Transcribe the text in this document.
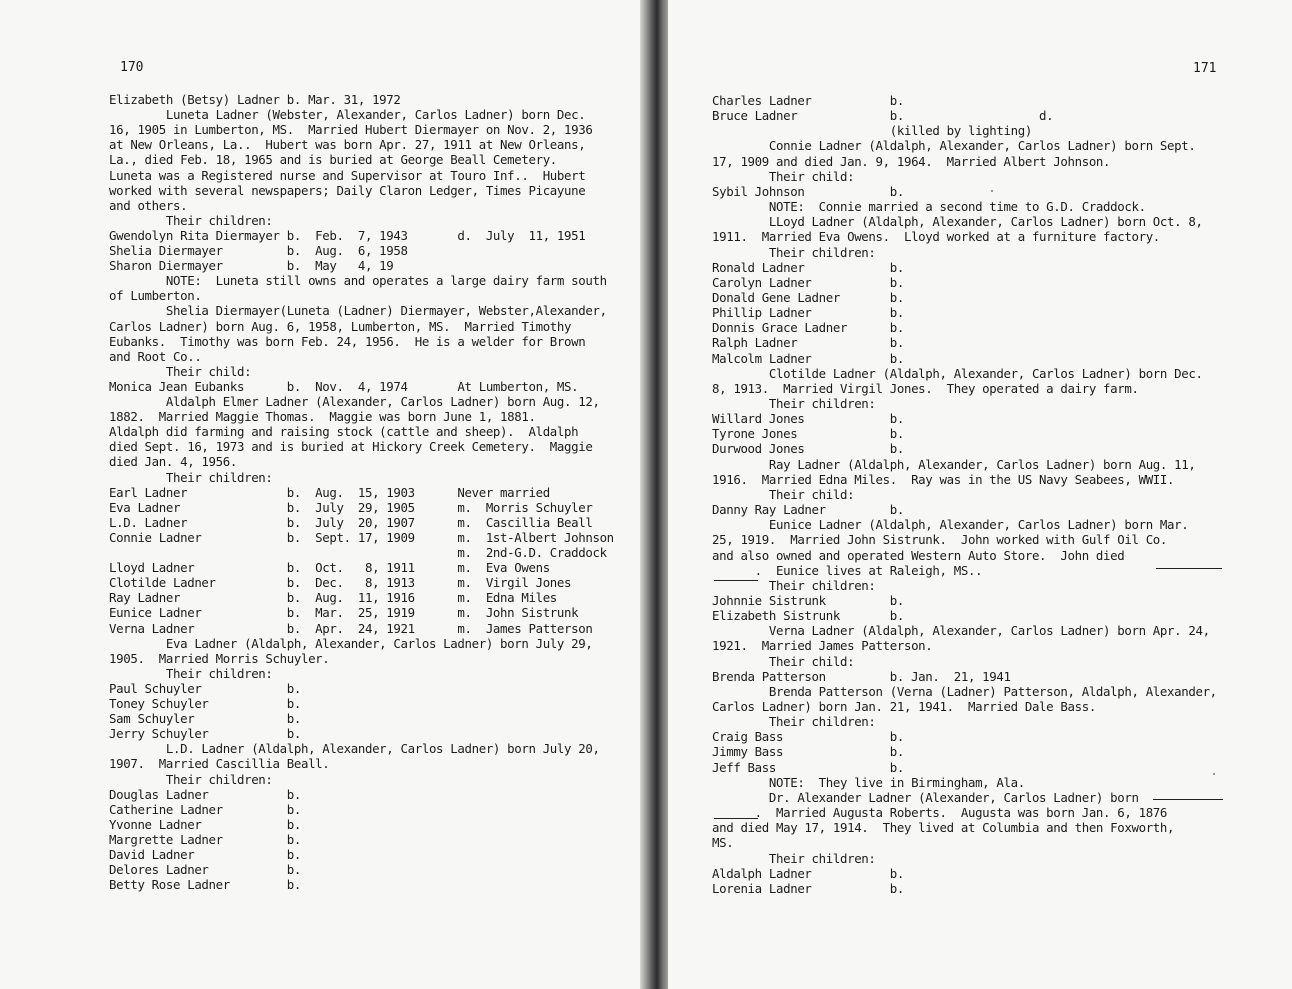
170
Elizabeth (Betsy) Ladner b. Mar. 31, 1972
Luneta Ladner (Webster, Alexander, Carlos Ladner) born Dec.
16, 1905 in Lumberton, MS.  Married Hubert Diermayer on Nov. 2, 1936
at New Orleans, La..  Hubert was born Apr. 27, 1911 at New Orleans,
La., died Feb. 18, 1965 and is buried at George Beall Cemetery.
Luneta was a Registered nurse and Supervisor at Touro Inf..  Hubert
worked with several newspapers; Daily Claron Ledger, Times Picayune
and others.
Their children:
Gwendolyn Rita Diermayer b.  Feb.  7, 1943       d.  July  11, 1951
Shelia Diermayer         b.  Aug.  6, 1958
Sharon Diermayer         b.  May   4, 19
NOTE:  Luneta still owns and operates a large dairy farm south
of Lumberton.
Shelia Diermayer(Luneta (Ladner) Diermayer, Webster,Alexander,
Carlos Ladner) born Aug. 6, 1958, Lumberton, MS.  Married Timothy
Eubanks.  Timothy was born Feb. 24, 1956.  He is a welder for Brown
and Root Co..
Their child:
Monica Jean Eubanks      b.  Nov.  4, 1974       At Lumberton, MS.
Aldalph Elmer Ladner (Alexander, Carlos Ladner) born Aug. 12,
1882.  Married Maggie Thomas.  Maggie was born June 1, 1881.
Aldalph did farming and raising stock (cattle and sheep).  Aldalph
died Sept. 16, 1973 and is buried at Hickory Creek Cemetery.  Maggie
died Jan. 4, 1956.
Their children:
Earl Ladner              b.  Aug.  15, 1903      Never married
Eva Ladner               b.  July  29, 1905      m.  Morris Schuyler
L.D. Ladner              b.  July  20, 1907      m.  Cascillia Beall
Connie Ladner            b.  Sept. 17, 1909      m.  1st-Albert Johnson
m.  2nd-G.D. Craddock
Lloyd Ladner             b.  Oct.   8, 1911      m.  Eva Owens
Clotilde Ladner          b.  Dec.   8, 1913      m.  Virgil Jones
Ray Ladner               b.  Aug.  11, 1916      m.  Edna Miles
Eunice Ladner            b.  Mar.  25, 1919      m.  John Sistrunk
Verna Ladner             b.  Apr.  24, 1921      m.  James Patterson
Eva Ladner (Aldalph, Alexander, Carlos Ladner) born July 29,
1905.  Married Morris Schuyler.
Their children:
Paul Schuyler            b.
Toney Schuyler           b.
Sam Schuyler             b.
Jerry Schuyler           b.
L.D. Ladner (Aldalph, Alexander, Carlos Ladner) born July 20,
1907.  Married Cascillia Beall.
Their children:
Douglas Ladner           b.
Catherine Ladner         b.
Yvonne Ladner            b.
Margrette Ladner         b.
David Ladner             b.
Delores Ladner           b.
Betty Rose Ladner        b.
171
Charles Ladner           b.
Bruce Ladner             b.                   d.
(killed by lighting)
Connie Ladner (Aldalph, Alexander, Carlos Ladner) born Sept.
17, 1909 and died Jan. 9, 1964.  Married Albert Johnson.
Their child:
Sybil Johnson            b.
NOTE:  Connie married a second time to G.D. Craddock.
LLoyd Ladner (Aldalph, Alexander, Carlos Ladner) born Oct. 8,
1911.  Married Eva Owens.  Lloyd worked at a furniture factory.
Their children:
Ronald Ladner            b.
Carolyn Ladner           b.
Donald Gene Ladner       b.
Phillip Ladner           b.
Donnis Grace Ladner      b.
Ralph Ladner             b.
Malcolm Ladner           b.
Clotilde Ladner (Aldalph, Alexander, Carlos Ladner) born Dec.
8, 1913.  Married Virgil Jones.  They operated a dairy farm.
Their children:
Willard Jones            b.
Tyrone Jones             b.
Durwood Jones            b.
Ray Ladner (Aldalph, Alexander, Carlos Ladner) born Aug. 11,
1916.  Married Edna Miles.  Ray was in the US Navy Seabees, WWII.
Their child:
Danny Ray Ladner         b.
Eunice Ladner (Aldalph, Alexander, Carlos Ladner) born Mar.
25, 1919.  Married John Sistrunk.  John worked with Gulf Oil Co.
and also owned and operated Western Auto Store.  John died
.  Eunice lives at Raleigh, MS..
Their children:
Johnnie Sistrunk         b.
Elizabeth Sistrunk       b.
Verna Ladner (Aldalph, Alexander, Carlos Ladner) born Apr. 24,
1921.  Married James Patterson.
Their child:
Brenda Patterson         b. Jan.  21, 1941
Brenda Patterson (Verna (Ladner) Patterson, Aldalph, Alexander,
Carlos Ladner) born Jan. 21, 1941.  Married Dale Bass.
Their children:
Craig Bass               b.
Jimmy Bass               b.
Jeff Bass                b.
NOTE:  They live in Birmingham, Ala.
Dr. Alexander Ladner (Alexander, Carlos Ladner) born
.  Married Augusta Roberts.  Augusta was born Jan. 6, 1876
and died May 17, 1914.  They lived at Columbia and then Foxworth,
MS.
Their children:
Aldalph Ladner           b.
Lorenia Ladner           b.
